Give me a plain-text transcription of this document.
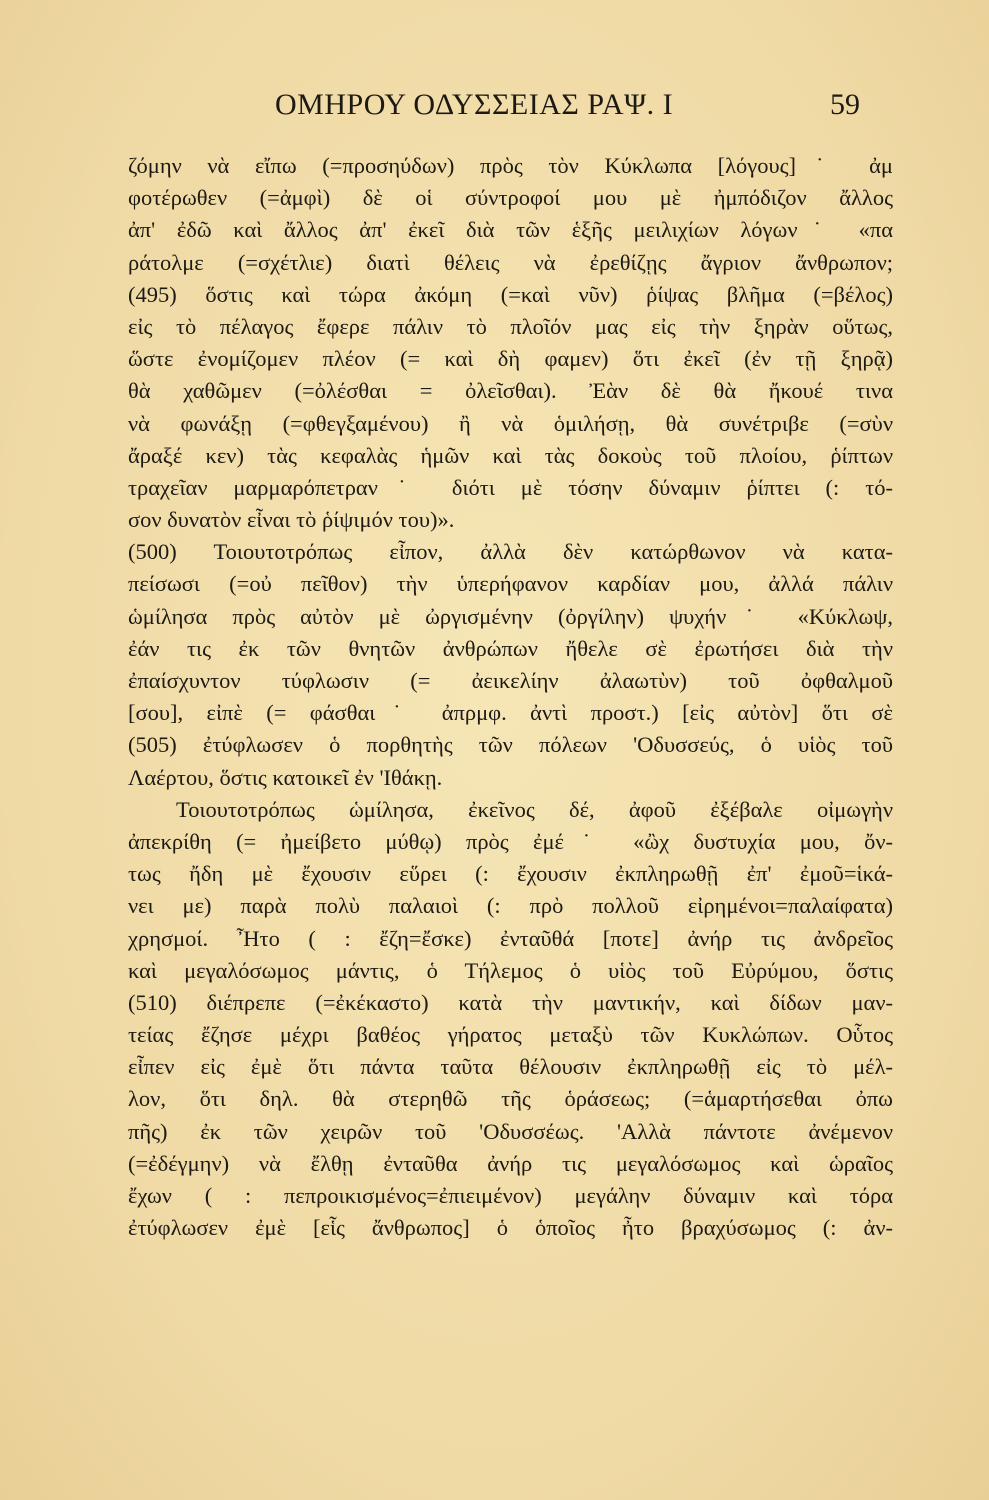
ΟΜΗΡΟΥ ΟΔΥΣΣΕΙΑΣ ΡΑΨ. Ι	59
ζόμην νὰ εἴπω (=προσηύδων) πρὸς τὸν Κύκλωπα [λόγους]˙ ἀμ
φοτέρωθεν (=ἀμφὶ) δὲ οἱ σύντροφοί μου μὲ ἠμπόδιζον ἄλλος
ἀπ' ἐδῶ καὶ ἄλλος ἀπ' ἐκεῖ διὰ τῶν ἑξῆς μειλιχίων λόγων˙ «πα
ράτολμε (=σχέτλιε) διατὶ θέλεις νὰ ἐρεθίζῃς ἄγριον ἄνθρωπον;
(495) ὅστις καὶ τώρα ἀκόμη (=καὶ νῦν) ῥίψας βλῆμα (=βέλος)
εἰς τὸ πέλαγος ἔφερε πάλιν τὸ πλοῖόν μας εἰς τὴν ξηρὰν οὕτως,
ὥστε ἐνομίζομεν πλέον (= καὶ δὴ φαμεν) ὅτι ἐκεῖ (ἐν τῇ ξηρᾷ)
θὰ χαθῶμεν (=ὀλέσθαι = ὀλεῖσθαι). Ἐὰν δὲ θὰ ἤκουέ τινα
νὰ φωνάξῃ (=φθεγξαμένου) ἢ νὰ ὁμιλήσῃ, θὰ συνέτριβε (=σὺν
ἄραξέ κεν) τὰς κεφαλὰς ἡμῶν καὶ τὰς δοκοὺς τοῦ πλοίου, ῥίπτων
τραχεῖαν μαρμαρόπετραν˙ διότι μὲ τόσην δύναμιν ῥίπτει (: τό-
σον δυνατὸν εἶναι τὸ ῥίψιμόν του)».
(500) Τοιουτοτρόπως εἶπον, ἀλλὰ δὲν κατώρθωνον νὰ κατα-
πείσωσι (=οὐ πεῖθον) τὴν ὑπερήφανον καρδίαν μου, ἀλλά πάλιν
ὡμίλησα πρὸς αὐτὸν μὲ ὠργισμένην (ὀργίλην) ψυχήν˙ «Κύκλωψ,
ἐάν τις ἐκ τῶν θνητῶν ἀνθρώπων ἤθελε σὲ ἐρωτήσει διὰ τὴν
ἐπαίσχυντον τύφλωσιν (= ἀεικελίην ἀλαωτὺν) τοῦ ὀφθαλμοῦ
[σου], εἰπὲ (= φάσθαι˙ ἀπρμφ. ἀντὶ προστ.) [εἰς αὐτὸν] ὅτι σὲ
(505) ἐτύφλωσεν ὁ πορθητὴς τῶν πόλεων 'Οδυσσεύς, ὁ υἱὸς τοῦ
Λαέρτου, ὅστις κατοικεῖ ἐν 'Ιθάκῃ.
Τοιουτοτρόπως ὡμίλησα, ἐκεῖνος δέ, ἀφοῦ ἐξέβαλε οἰμωγὴν
ἀπεκρίθη (= ἠμείβετο μύθῳ) πρὸς ἐμέ˙ «ὢχ δυστυχία μου, ὄν-
τως ἤδη μὲ ἔχουσιν εὕρει (: ἔχουσιν ἐκπληρωθῇ ἐπ' ἐμοῦ=ἱκά-
νει με) παρὰ πολὺ παλαιοὶ (: πρὸ πολλοῦ εἰρημένοι=παλαίφατα)
χρησμοί. Ἦτο ( : ἔζη=ἔσκε) ἐνταῦθά [ποτε] ἀνήρ τις ἀνδρεῖος
καὶ μεγαλόσωμος μάντις, ὁ Τήλεμος ὁ υἱὸς τοῦ Εὐρύμου, ὅστις
(510) διέπρεπε (=ἐκέκαστο) κατὰ τὴν μαντικήν, καὶ δίδων μαν-
τείας ἔζησε μέχρι βαθέος γήρατος μεταξὺ τῶν Κυκλώπων. Οὗτος
εἶπεν εἰς ἐμὲ ὅτι πάντα ταῦτα θέλουσιν ἐκπληρωθῇ εἰς τὸ μέλ-
λον, ὅτι δηλ. θὰ στερηθῶ τῆς ὁράσεως; (=ἁμαρτήσεθαι ὀπω
πῆς) ἐκ τῶν χειρῶν τοῦ 'Οδυσσέως. 'Αλλὰ πάντοτε ἀνέμενον
(=ἐδέγμην) νὰ ἔλθῃ ἐνταῦθα ἀνήρ τις μεγαλόσωμος καὶ ὡραῖος
ἔχων ( : πεπροικισμένος=ἐπιειμένον) μεγάλην δύναμιν καὶ τόρα
ἐτύφλωσεν ἐμὲ [εἷς ἄνθρωπος] ὁ ὁποῖος ἦτο βραχύσωμος (: ἀν-
